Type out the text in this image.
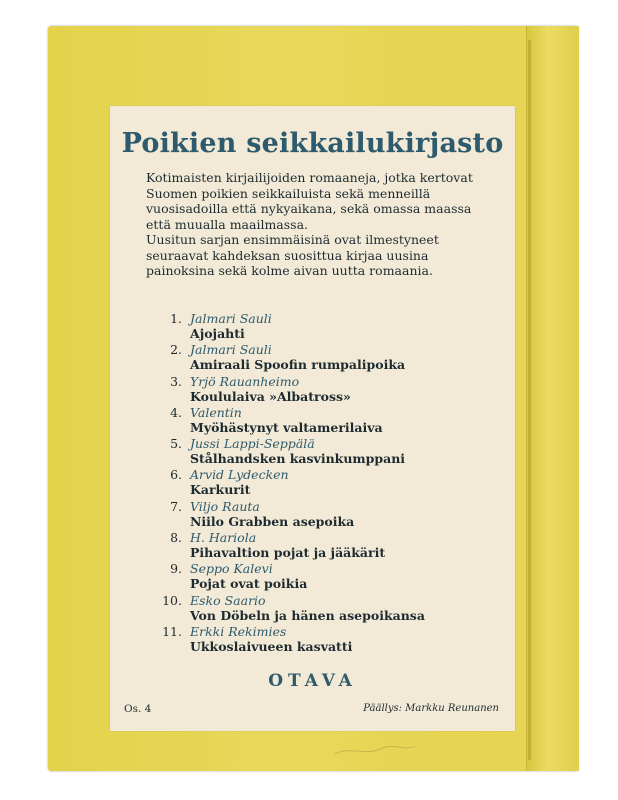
Poikien seikkailukirjasto

Kotimaisten kirjailijoiden romaaneja, jotka kertovat Suomen poikien seikkailuista sekä menneillä vuosisadoilla että nykyaikana, sekä omassa maassa että muualla maailmassa.

Uusitun sarjan ensimmäisinä ovat ilmestyneet seuraavat kahdeksan suosittua kirjaa uusina painoksina sekä kolme aivan uutta romaania.

1. Jalmari Sauli
Ajojahti
2. Jalmari Sauli
Amiraali Spoofin rumpalipoika
3. Yrjö Rauanheimo
Koululaiva »Albatross»
4. Valentin
Myöhästynyt valtamerilaiva
5. Jussi Lappi-Seppälä
Stålhandsken kasvinkumppani
6. Arvid Lydecken
Karkurit
7. Viljo Rauta
Niilo Grabben asepoika
8. H. Hariola
Pihavaltion pojat ja jääkärit
9. Seppo Kalevi
Pojat ovat poikia
10. Esko Saario
Von Döbeln ja hänen asepoikansa
11. Erkki Rekimies
Ukkoslaivueen kasvatti
OTAVA
Os. 4	Päällys: Markku Reunanen
